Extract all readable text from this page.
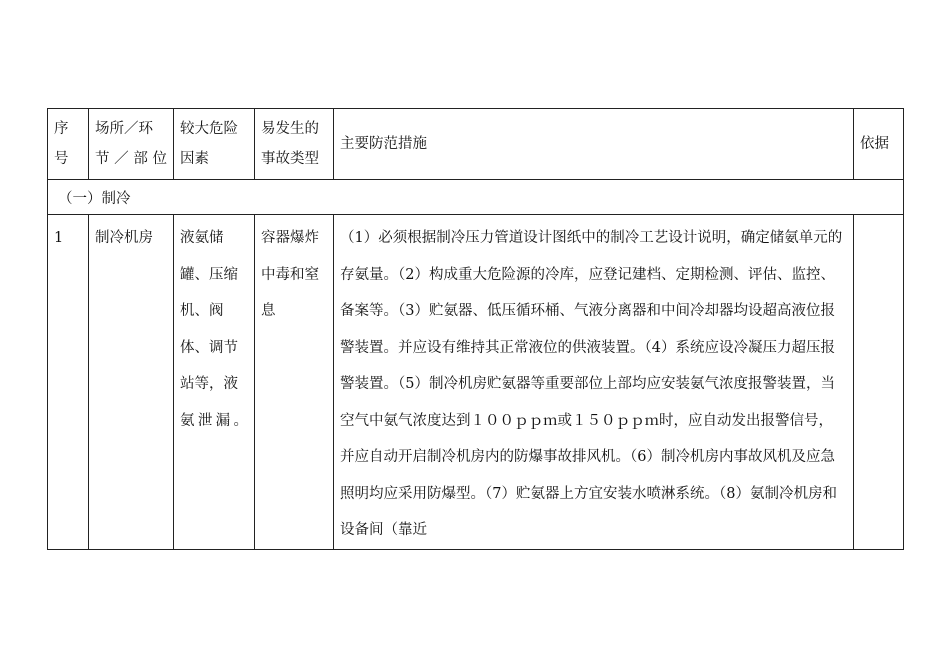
序号	场所／环节／部位	较大危险因素	易发生的事故类型	主要防范措施	依据
（一）制冷					
1	制冷机房	液氨储罐、压缩机、阀体、调节站等，液氨泄漏。	容器爆炸中毒和窒息	（1）必须根据制冷压力管道设计图纸中的制冷工艺设计说明，确定储氨单元的存氨量。（2）构成重大危险源的冷库，应登记建档、定期检测、评估、监控、备案等。（3）贮氨器、低压循环桶、气液分离器和中间冷却器均设超高液位报警装置。并应设有维持其正常液位的供液装置。（4）系统应设冷凝压力超压报警装置。（5）制冷机房贮氨器等重要部位上部均应安装氨气浓度报警装置，当空气中氨气浓度达到１００ｐｐｍ或１５０ｐｐｍ时，应自动发出报警信号，并应自动开启制冷机房内的防爆事故排风机。（6）制冷机房内事故风机及应急照明均应采用防爆型。（7）贮氨器上方宜安装水喷淋系统。（8）氨制冷机房和设备间（靠近	
